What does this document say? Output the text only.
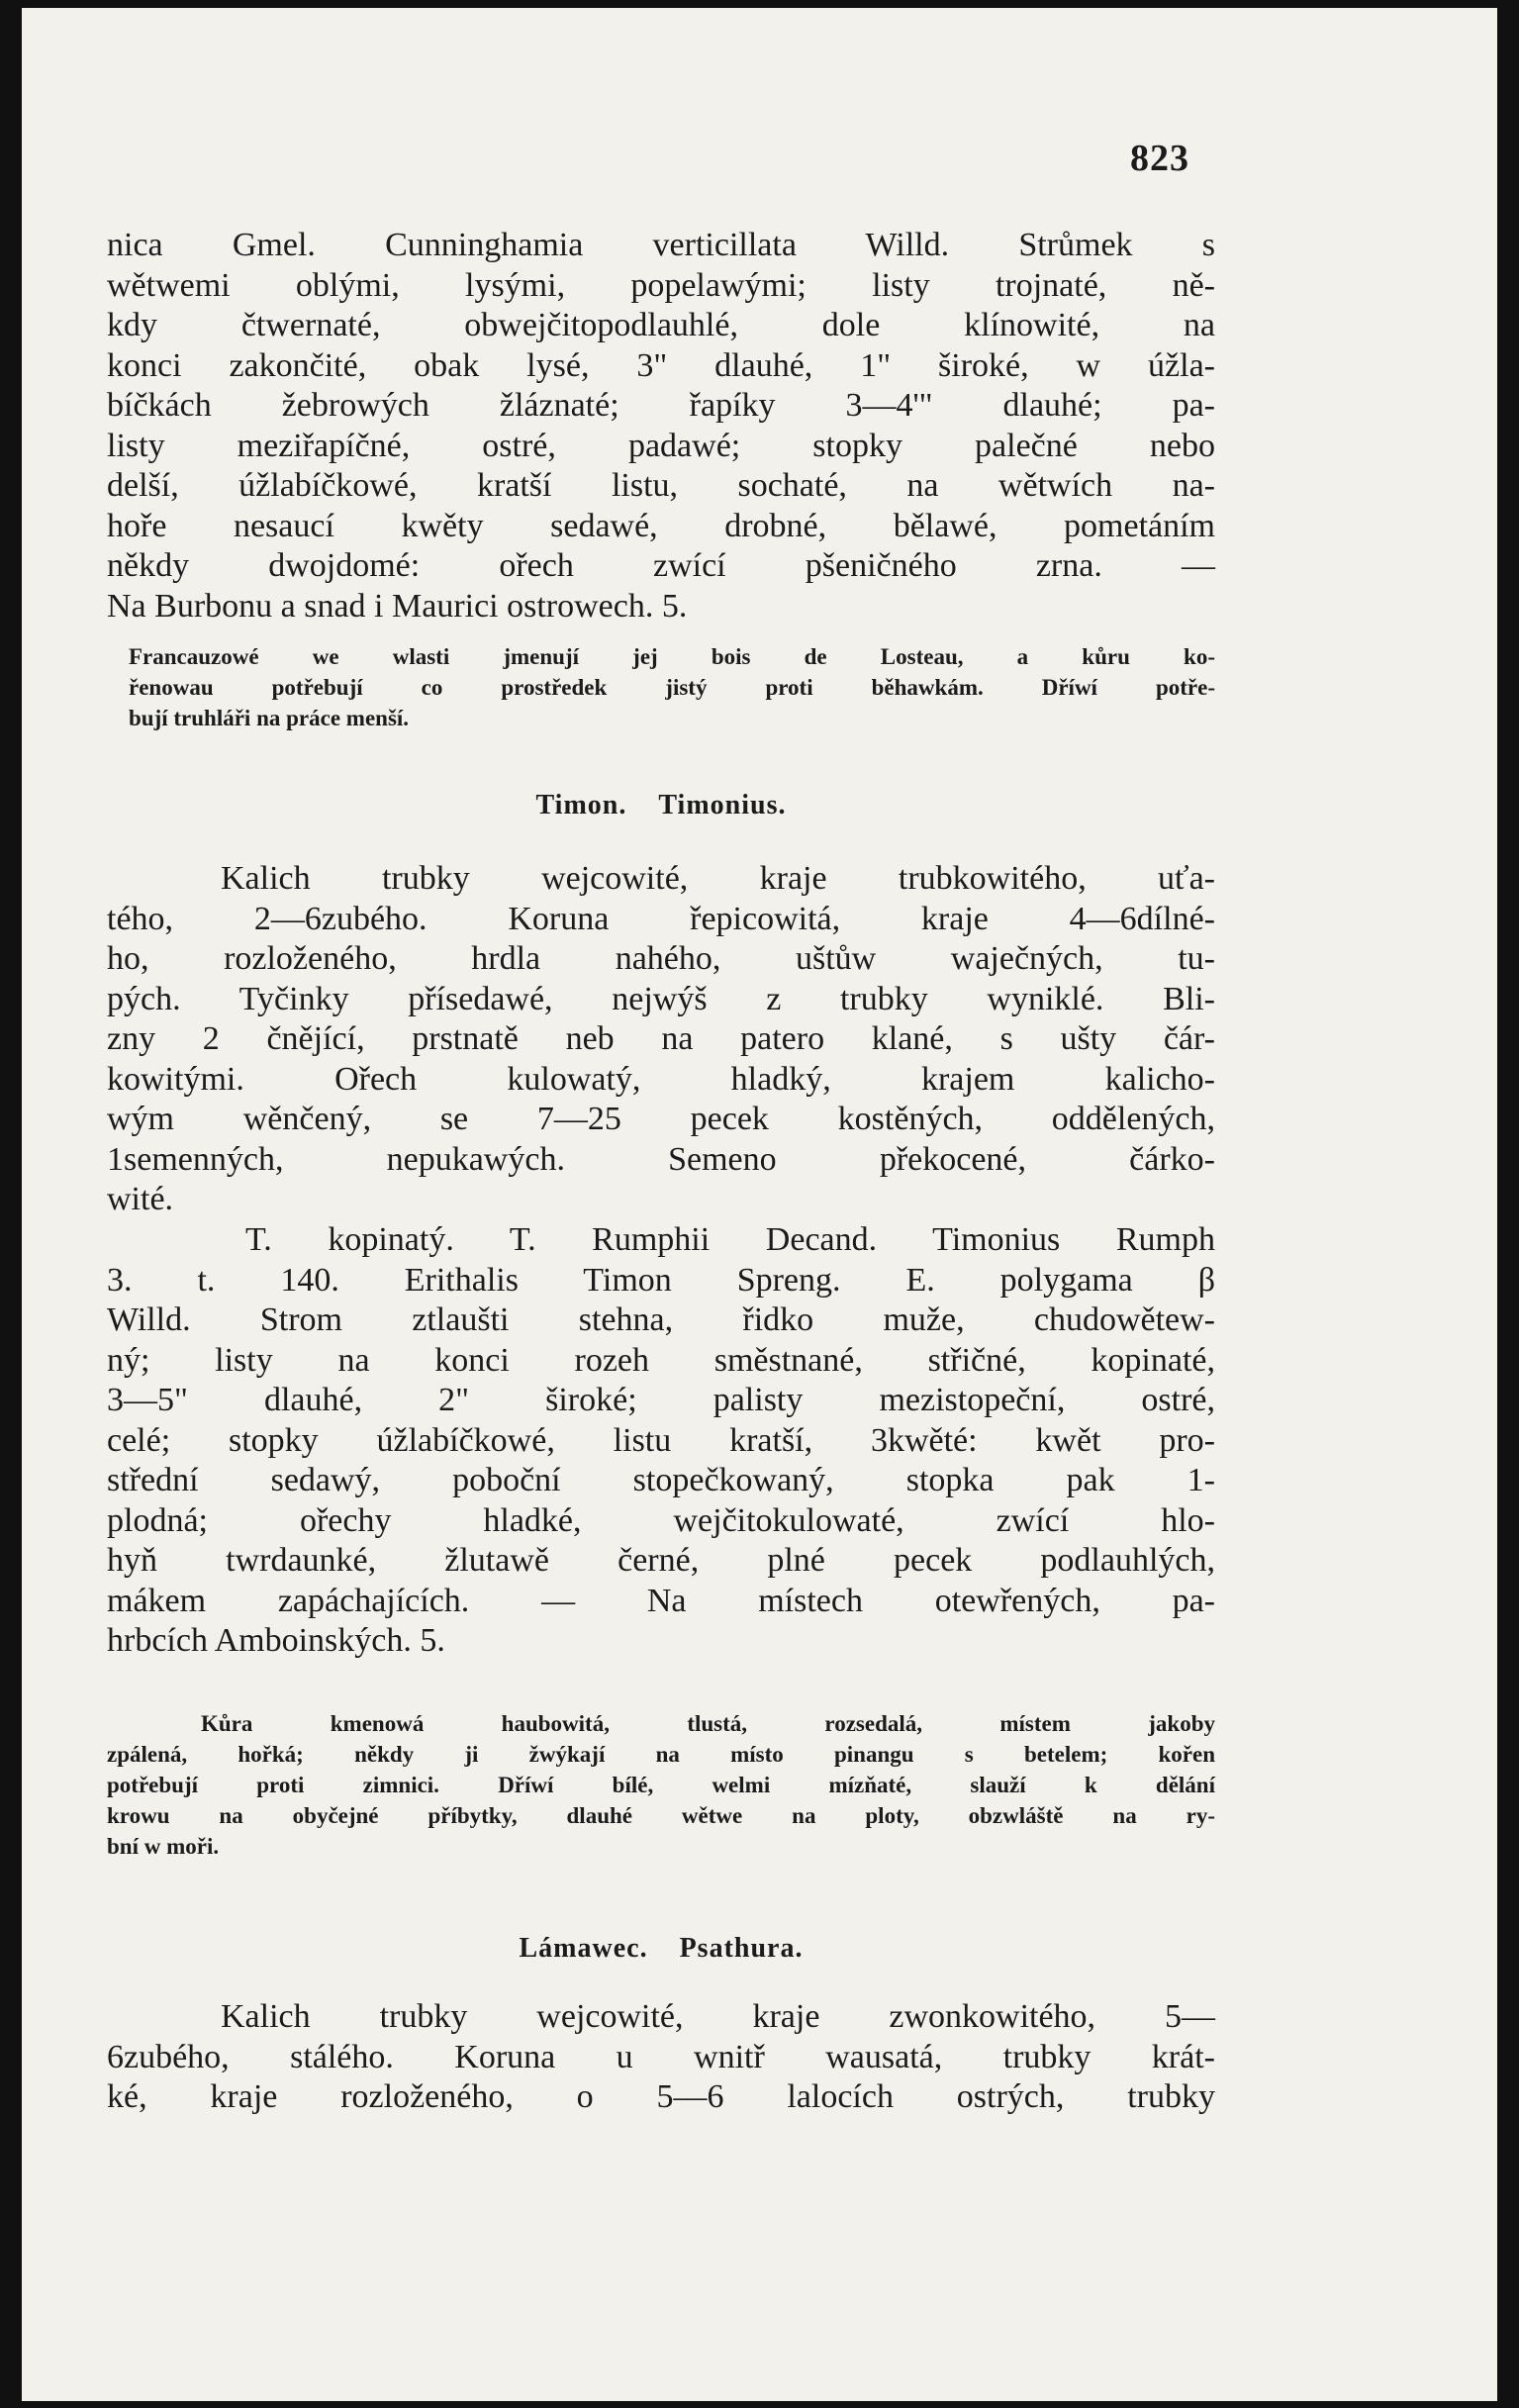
823
nica Gmel. Cunninghamia verticillata Willd. Strůmek s
wětwemi oblými, lysými, popelawými; listy trojnaté, ně-
kdy čtwernaté, obwejčitopodlauhlé, dole klínowité, na
konci zakončité, obak lysé, 3" dlauhé, 1" široké, w úžla-
bíčkách žebrowých žláznaté; řapíky 3—4'" dlauhé; pa-
listy meziřapíčné, ostré, padawé; stopky palečné nebo
delší, úžlabíčkowé, kratší listu, sochaté, na wětwích na-
hoře nesaucí kwěty sedawé, drobné, bělawé, pometáním
někdy dwojdomé: ořech zwící pšeničného zrna. —
Na Burbonu a snad i Maurici ostrowech. 5.
Francauzowé we wlasti jmenují jej bois de Losteau, a kůru ko-
řenowau potřebují co prostředek jistý proti běhawkám. Dříwí potře-
bují truhláři na práce menší.
Timon. Timonius.
Kalich trubky wejcowité, kraje trubkowitého, uťa-
tého, 2—6zubého. Koruna řepicowitá, kraje 4—6dílné-
ho, rozloženého, hrdla nahého, uštůw waječných, tu-
pých. Tyčinky přísedawé, nejwýš z trubky wyniklé. Bli-
zny 2 čnějící, prstnatě neb na patero klané, s ušty čár-
kowitými. Ořech kulowatý, hladký, krajem kalicho-
wým wěnčený, se 7—25 pecek kostěných, oddělených,
1semenných, nepukawých. Semeno překocené, čárko-
wité.
T. kopinatý. T. Rumphii Decand. Timonius Rumph
3. t. 140. Erithalis Timon Spreng. E. polygama β
Willd. Strom ztlaušti stehna, řidko muže, chudowětew-
ný; listy na konci rozeh směstnané, střičné, kopinaté,
3—5" dlauhé, 2" široké; palisty mezistopeční, ostré,
celé; stopky úžlabíčkowé, listu kratší, 3kwěté: kwět pro-
střední sedawý, poboční stopečkowaný, stopka pak 1-
plodná; ořechy hladké, wejčitokulowaté, zwící hlo-
hyň twrdaunké, žlutawě černé, plné pecek podlauhlých,
mákem zapáchajících. — Na místech otewřených, pa-
hrbcích Amboinských. 5.
Kůra kmenowá haubowitá, tlustá, rozsedalá, místem jakoby
zpálená, hořká; někdy ji žwýkají na místo pinangu s betelem; kořen
potřebují proti zimnici. Dříwí bílé, welmi mízňaté, slauží k dělání
krowu na obyčejné příbytky, dlauhé wětwe na ploty, obzwláště na ry-
bní w moři.
Lámawec. Psathura.
Kalich trubky wejcowité, kraje zwonkowitého, 5—
6zubého, stálého. Koruna u wnitř wausatá, trubky krát-
ké, kraje rozloženého, o 5—6 lalocích ostrých, trubky
